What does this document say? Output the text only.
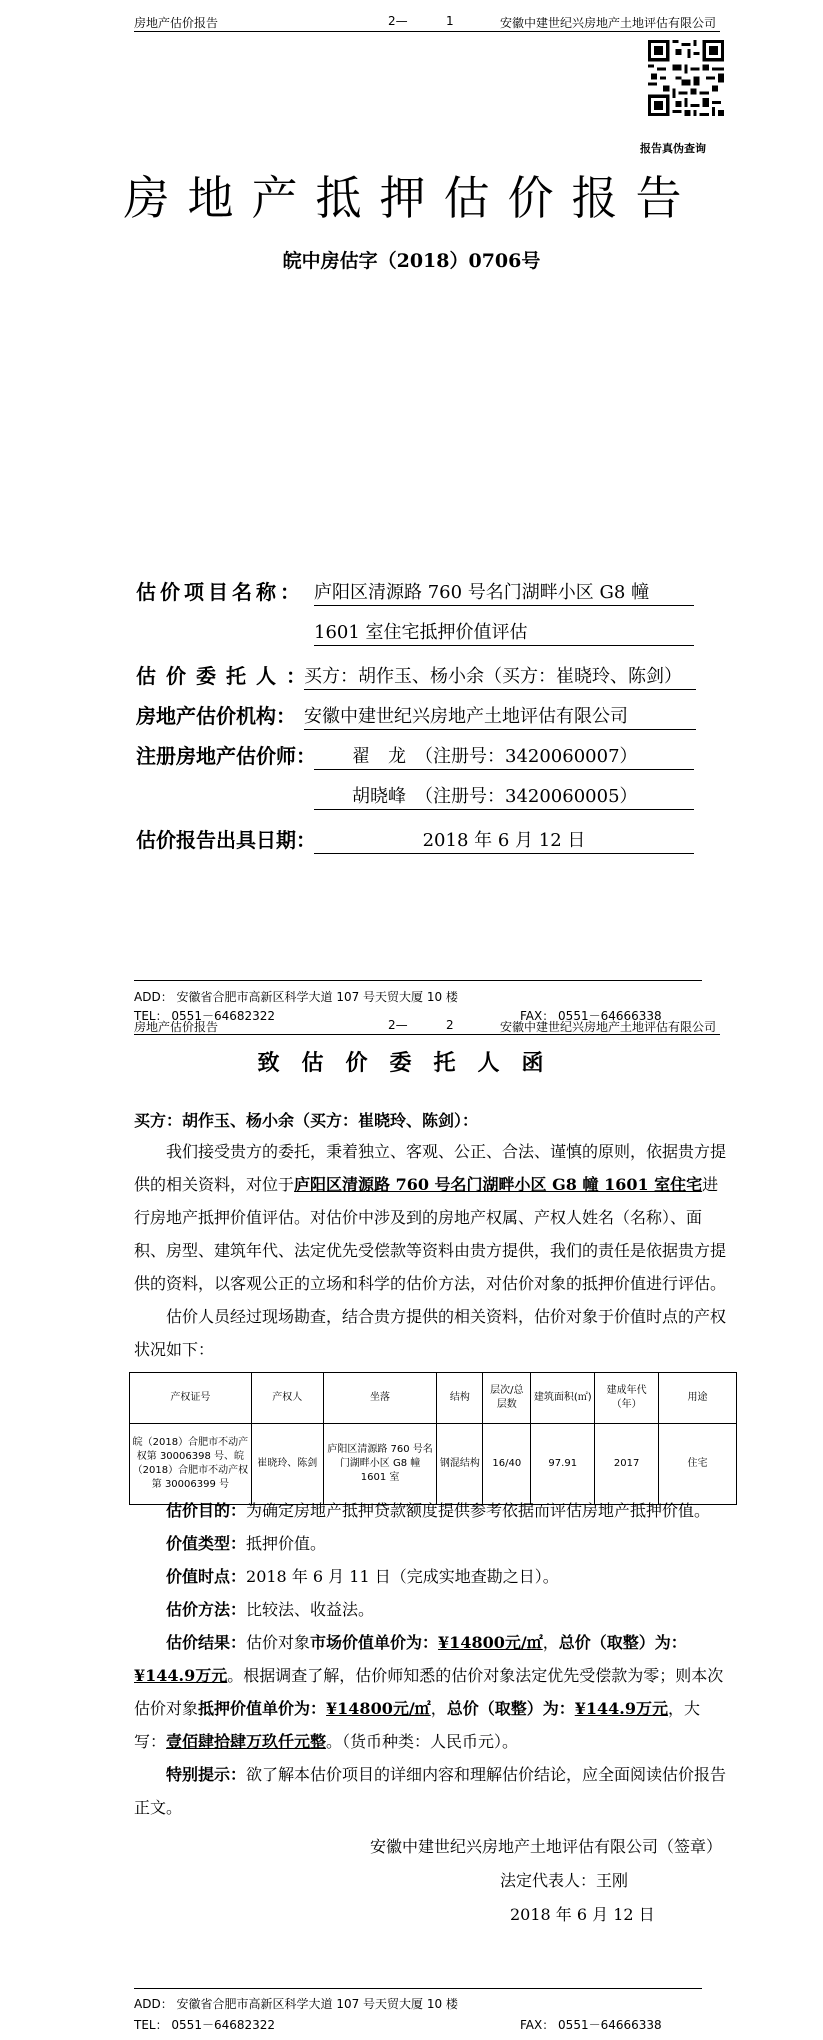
房地产估价报告	2—	1	安徽中建世纪兴房地产土地评估有限公司
报告真伪查询
房地产抵押估价报告
皖中房估字（2018）0706号
估价项目名称： 庐阳区清源路 760 号名门湖畔小区 G8 幢
1601 室住宅抵押价值评估
估价委托人：
买方：胡作玉、杨小余（买方：崔晓玲、陈剑）
房地产估价机构： 安徽中建世纪兴房地产土地评估有限公司
注册房地产估价师：	翟　龙　（注册号：3420060007）
胡晓峰　（注册号：3420060005）
估价报告出具日期：	2018 年 6 月 12 日
ADD： 安徽省合肥市高新区科学大道 107 号天贸大厦 10 楼
TEL： 0551－64682322	FAX： 0551－64666338
房地产估价报告	2—	2	安徽中建世纪兴房地产土地评估有限公司
致估价委托人函
买方：胡作玉、杨小余（买方：崔晓玲、陈剑）：

我们接受贵方的委托，秉着独立、客观、公正、合法、谨慎的原则，依据贵方提供的相关资料，对位于庐阳区清源路 760 号名门湖畔小区 G8 幢 1601 室住宅进行房地产抵押价值评估。对估价中涉及到的房地产权属、产权人姓名（名称）、面积、房型、建筑年代、法定优先受偿款等资料由贵方提供，我们的责任是依据贵方提供的资料，以客观公正的立场和科学的估价方法，对估价对象的抵押价值进行评估。

估价人员经过现场勘查，结合贵方提供的相关资料，估价对象于价值时点的产权状况如下：

产权证号	产权人	坐落	结构	层次/总层数	建筑面积(㎡)	建成年代（年）	用途
皖（2018）合肥市不动产权第 30006398 号、皖（2018）合肥市不动产权第 30006399 号	崔晓玲、陈剑	庐阳区清源路 760 号名门湖畔小区 G8 幢 1601 室	钢混结构	16/40	97.91	2017	住宅

估价目的：为确定房地产抵押贷款额度提供参考依据而评估房地产抵押价值。

价值类型：抵押价值。

价值时点：2018 年 6 月 11 日（完成实地查勘之日）。

估价方法：比较法、收益法。

估价结果：估价对象市场价值单价为：¥14800元/㎡，总价（取整）为：¥144.9万元。根据调查了解，估价师知悉的估价对象法定优先受偿款为零；则本次估价对象抵押价值单价为：¥14800元/㎡，总价（取整）为：¥144.9万元，大写：壹佰肆拾肆万玖仟元整。（货币种类：人民币元）。

特别提示：欲了解本估价项目的详细内容和理解估价结论，应全面阅读估价报告正文。

安徽中建世纪兴房地产土地评估有限公司（签章）
法定代表人：王刚
2018 年 6 月 12 日
ADD： 安徽省合肥市高新区科学大道 107 号天贸大厦 10 楼
TEL： 0551－64682322	FAX： 0551－64666338
